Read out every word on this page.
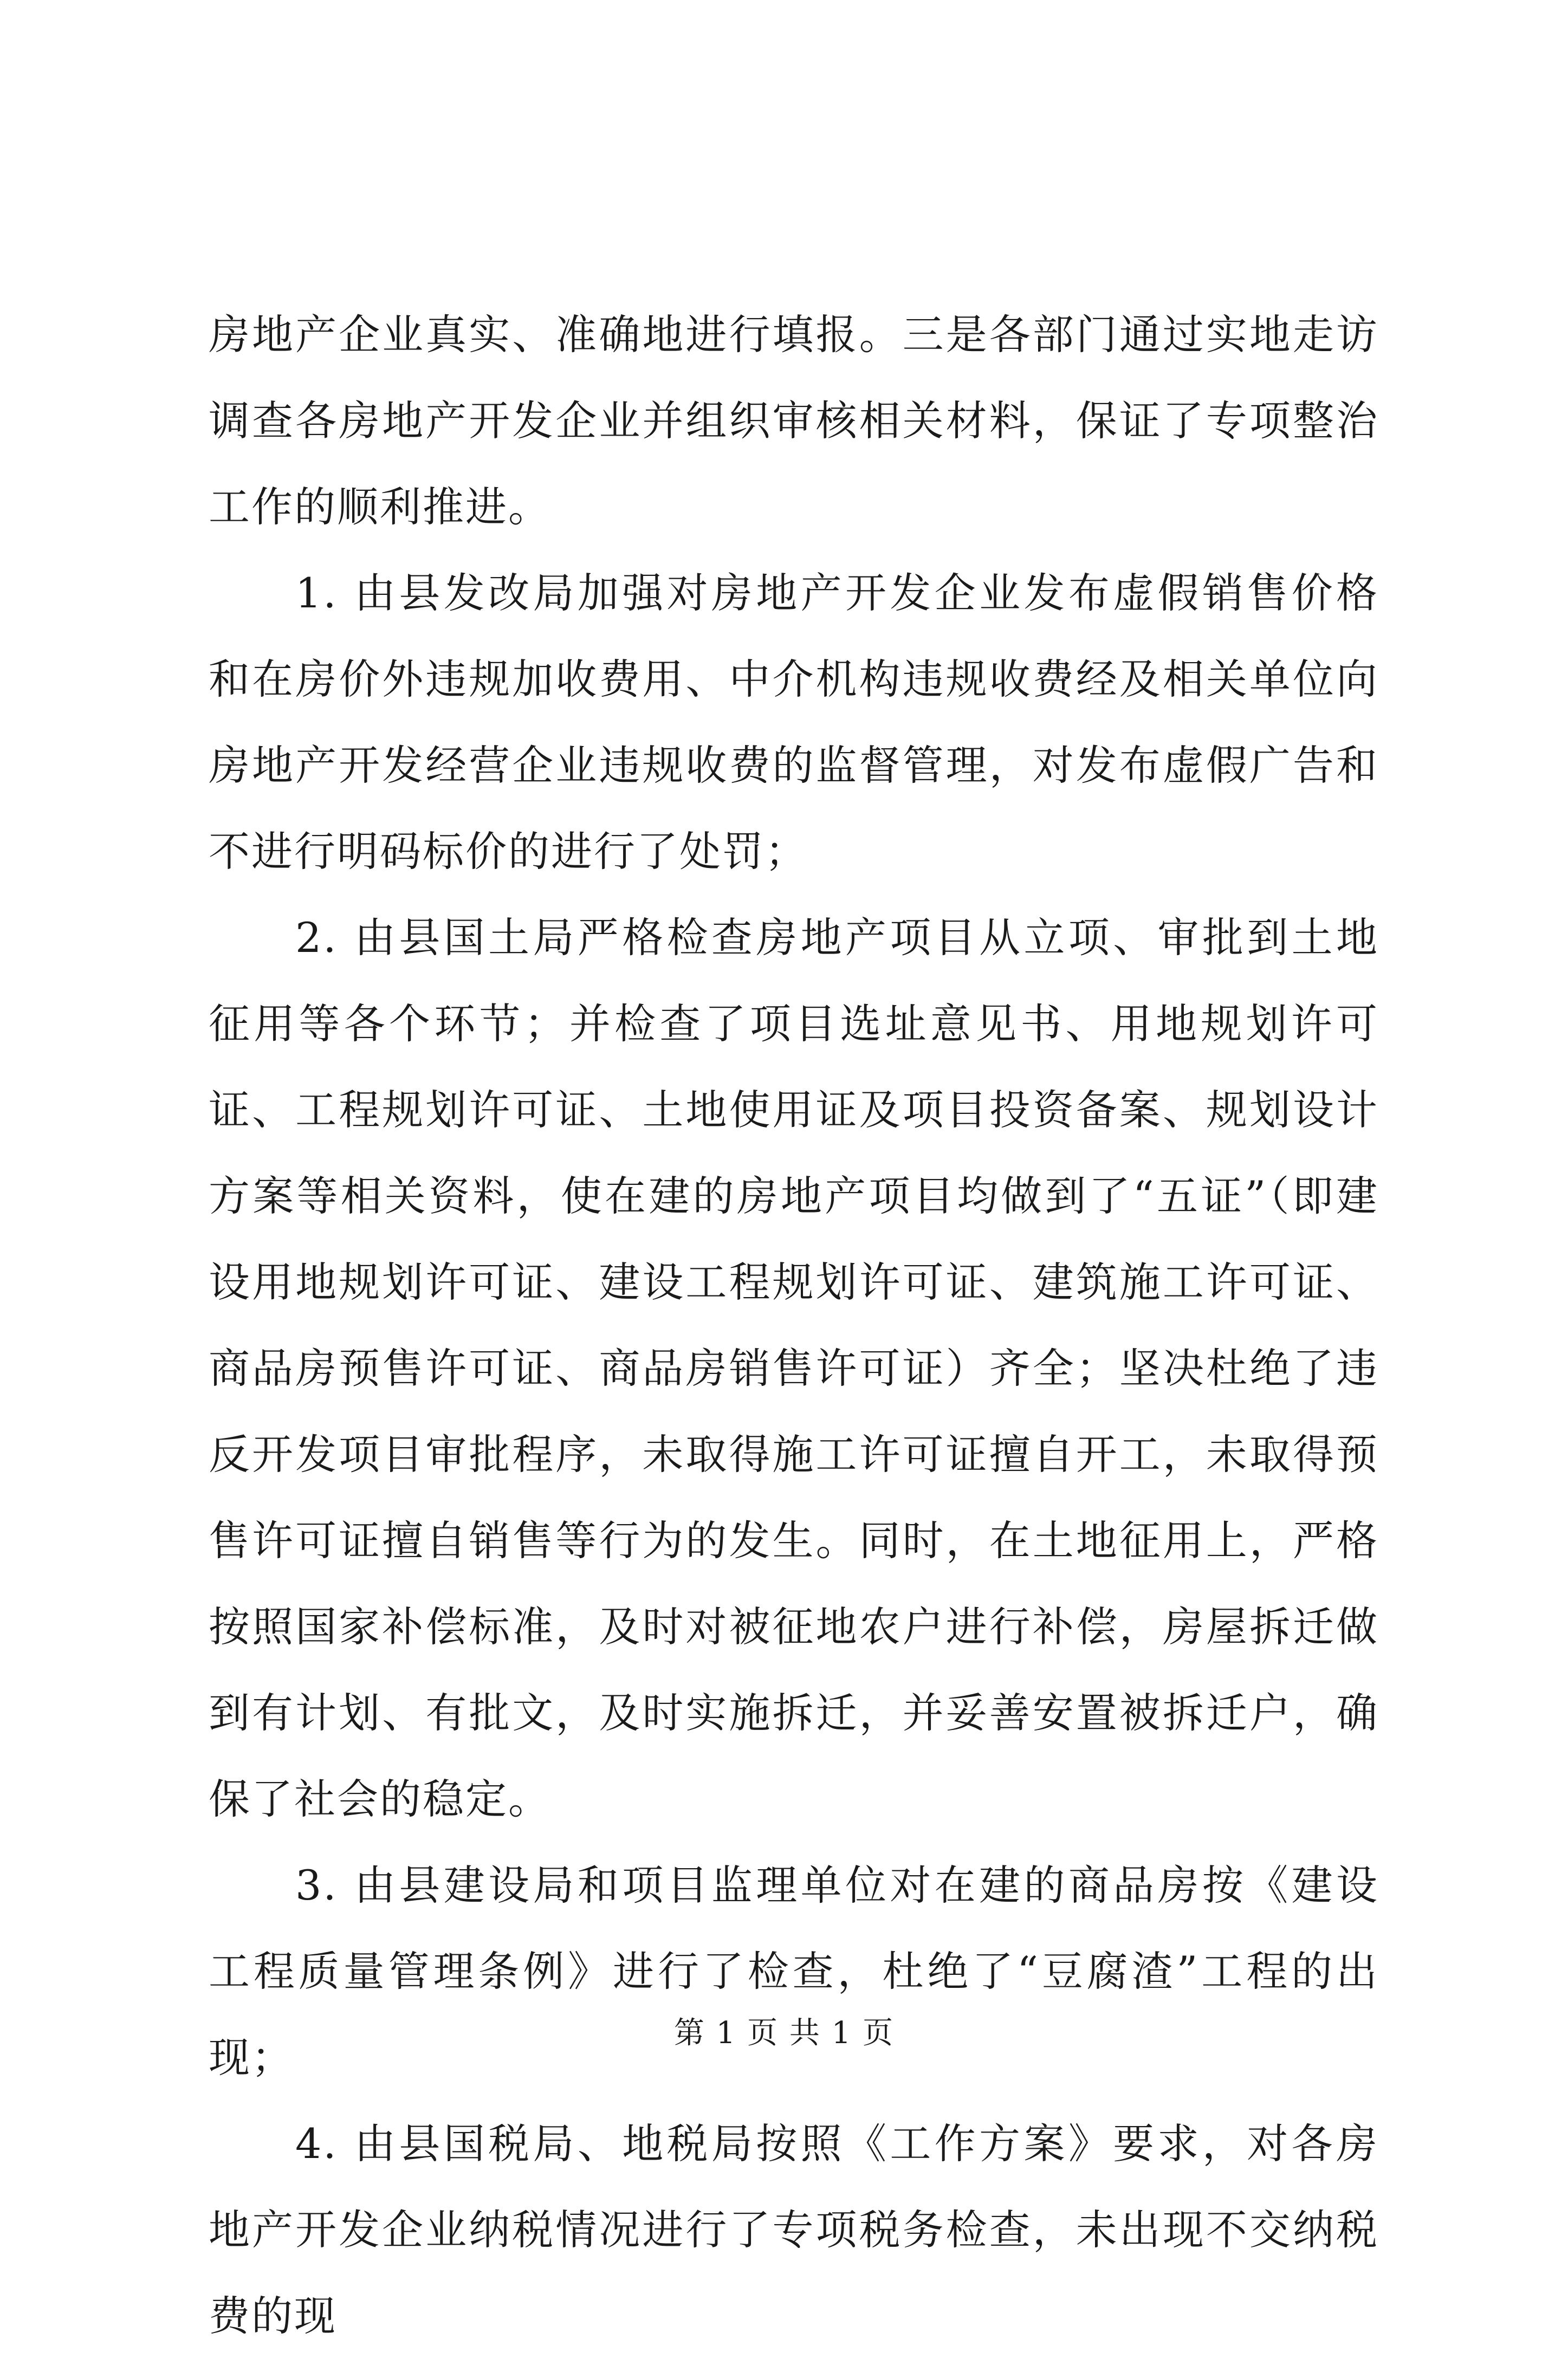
房地产企业真实、准确地进行填报。三是各部门通过实地走访调查各房地产开发企业并组织审核相关材料，保证了专项整治工作的顺利推进。

1. 由县发改局加强对房地产开发企业发布虚假销售价格和在房价外违规加收费用、中介机构违规收费经及相关单位向房地产开发经营企业违规收费的监督管理，对发布虚假广告和不进行明码标价的进行了处罚；

2. 由县国土局严格检查房地产项目从立项、审批到土地征用等各个环节；并检查了项目选址意见书、用地规划许可证、工程规划许可证、土地使用证及项目投资备案、规划设计方案等相关资料，使在建的房地产项目均做到了“五证”（即建设用地规划许可证、建设工程规划许可证、建筑施工许可证、商品房预售许可证、商品房销售许可证）齐全；坚决杜绝了违反开发项目审批程序，未取得施工许可证擅自开工，未取得预售许可证擅自销售等行为的发生。同时，在土地征用上，严格按照国家补偿标准，及时对被征地农户进行补偿，房屋拆迁做到有计划、有批文，及时实施拆迁，并妥善安置被拆迁户，确保了社会的稳定。

3. 由县建设局和项目监理单位对在建的商品房按《建设工程质量管理条例》进行了检查，杜绝了“豆腐渣”工程的出现；

4. 由县国税局、地税局按照《工作方案》要求，对各房地产开发企业纳税情况进行了专项税务检查，未出现不交纳税费的现

第 1 页 共 1 页
